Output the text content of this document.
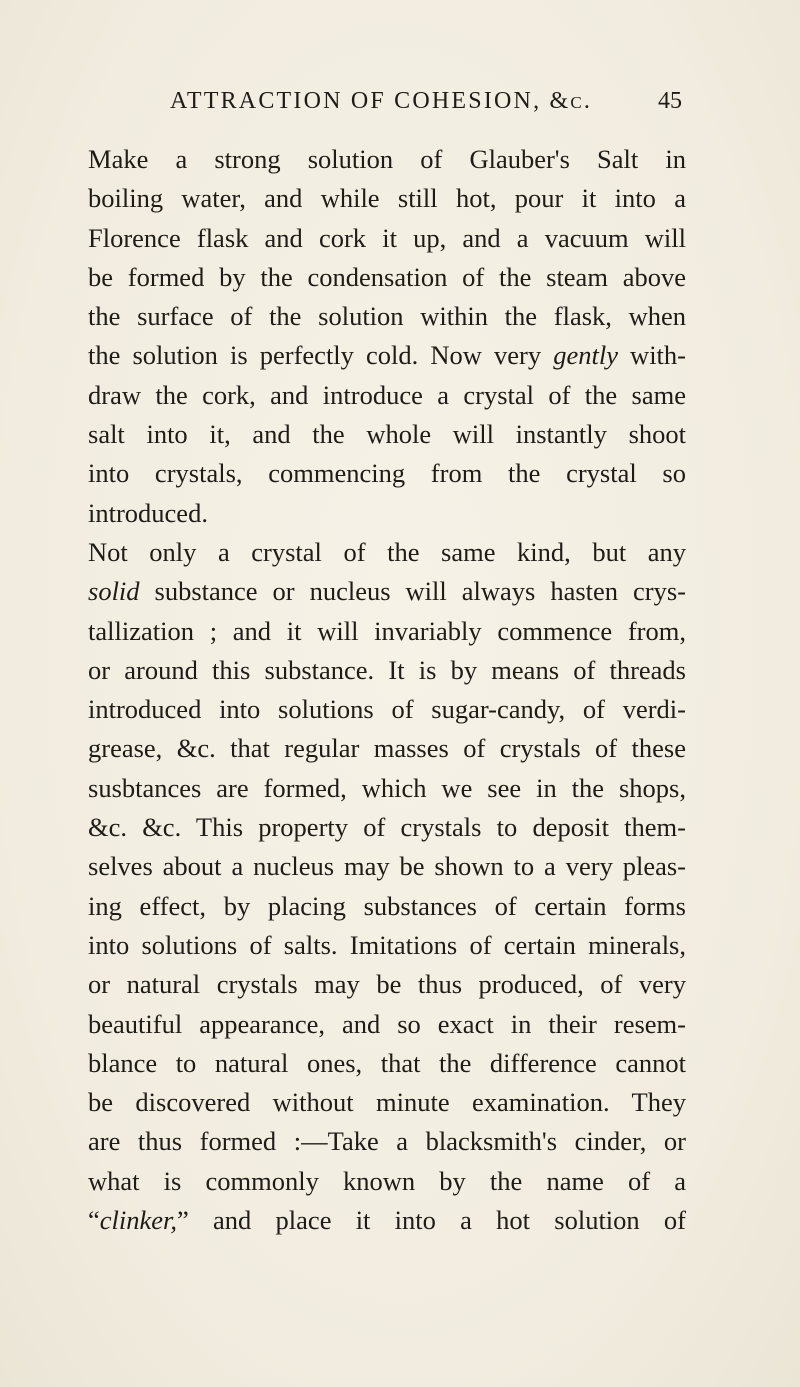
ATTRACTION OF COHESION, &c.	45
Make a strong solution of Glauber's Salt in
boiling water, and while still hot, pour it into a
Florence flask and cork it up, and a vacuum will
be formed by the condensation of the steam above
the surface of the solution within the flask, when
the solution is perfectly cold. Now very gently with-
draw the cork, and introduce a crystal of the same
salt into it, and the whole will instantly shoot
into crystals, commencing from the crystal so
introduced.
Not only a crystal of the same kind, but any
solid substance or nucleus will always hasten crys-
tallization ; and it will invariably commence from,
or around this substance. It is by means of threads
introduced into solutions of sugar-candy, of verdi-
grease, &c. that regular masses of crystals of these
susbtances are formed, which we see in the shops,
&c. &c. This property of crystals to deposit them-
selves about a nucleus may be shown to a very pleas-
ing effect, by placing substances of certain forms
into solutions of salts. Imitations of certain minerals,
or natural crystals may be thus produced, of very
beautiful appearance, and so exact in their resem-
blance to natural ones, that the difference cannot
be discovered without minute examination. They
are thus formed :—Take a blacksmith's cinder, or
what is commonly known by the name of a
“clinker,” and place it into a hot solution of
